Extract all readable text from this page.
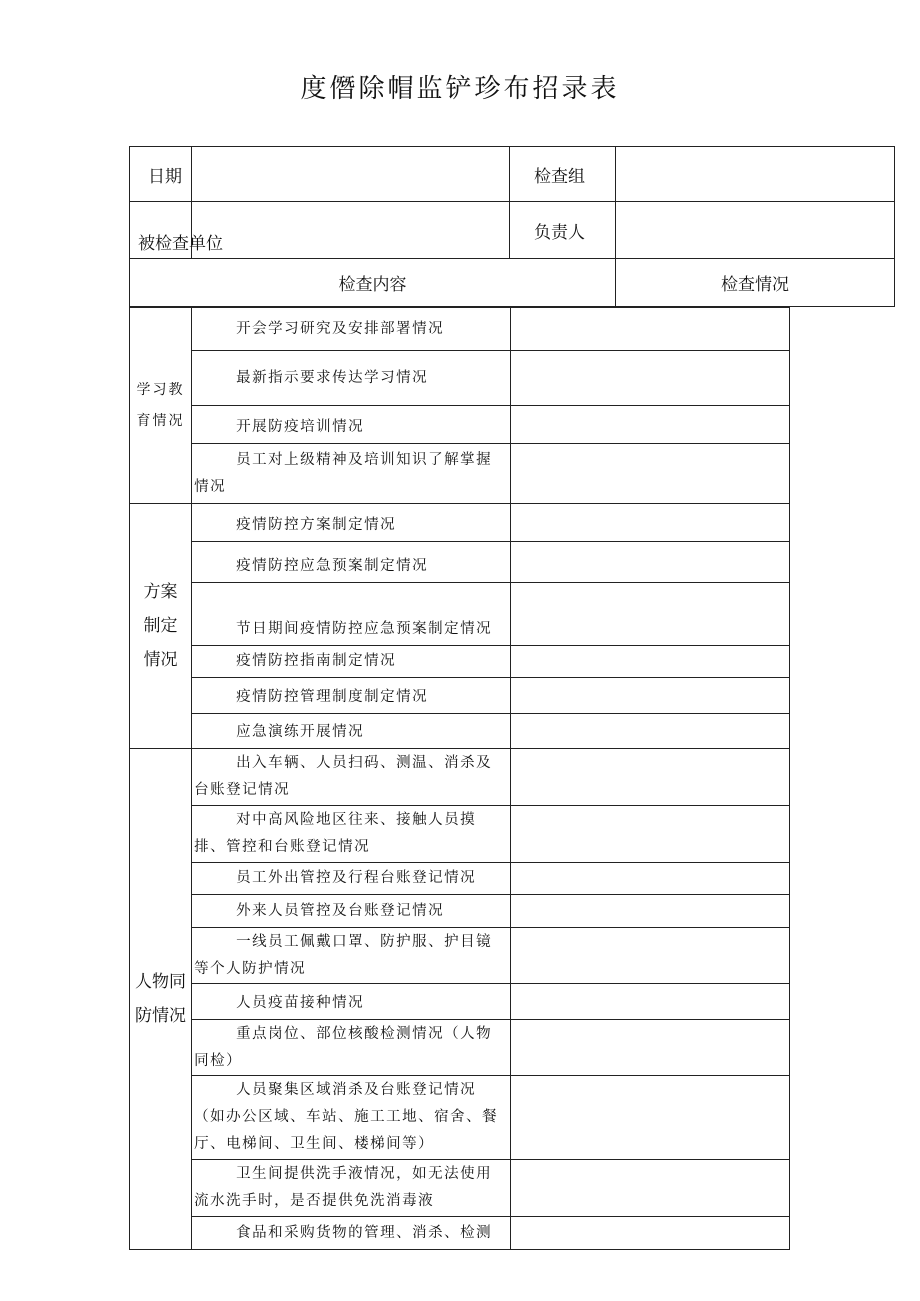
度僭除帽监铲珍布招录表
日期		检查组	
被检查单位		负责人	
检查内容			检查情况
学习教育情况	开会学习研究及安排部署情况	

	最新指示要求传达学习情况	

	开展防疫培训情况	

	员工对上级精神及培训知识了解掌握情况	

方案制定情况	疫情防控方案制定情况	

	疫情防控应急预案制定情况	

	节日期间疫情防控应急预案制定情况	

	疫情防控指南制定情况	

	疫情防控管理制度制定情况	

	应急演练开展情况	

人物同防情况	出入车辆、人员扫码、测温、消杀及台账登记情况	

	对中高风险地区往来、接触人员摸排、管控和台账登记情况	

	员工外出管控及行程台账登记情况	

	外来人员管控及台账登记情况	

	一线员工佩戴口罩、防护服、护目镜等个人防护情况	

	人员疫苗接种情况	

	重点岗位、部位核酸检测情况（人物同检）	

	人员聚集区域消杀及台账登记情况（如办公区域、车站、施工工地、宿舍、餐厅、电梯间、卫生间、楼梯间等）	

	卫生间提供洗手液情况，如无法使用流水洗手时，是否提供免洗消毒液	

	食品和采购货物的管理、消杀、检测	
